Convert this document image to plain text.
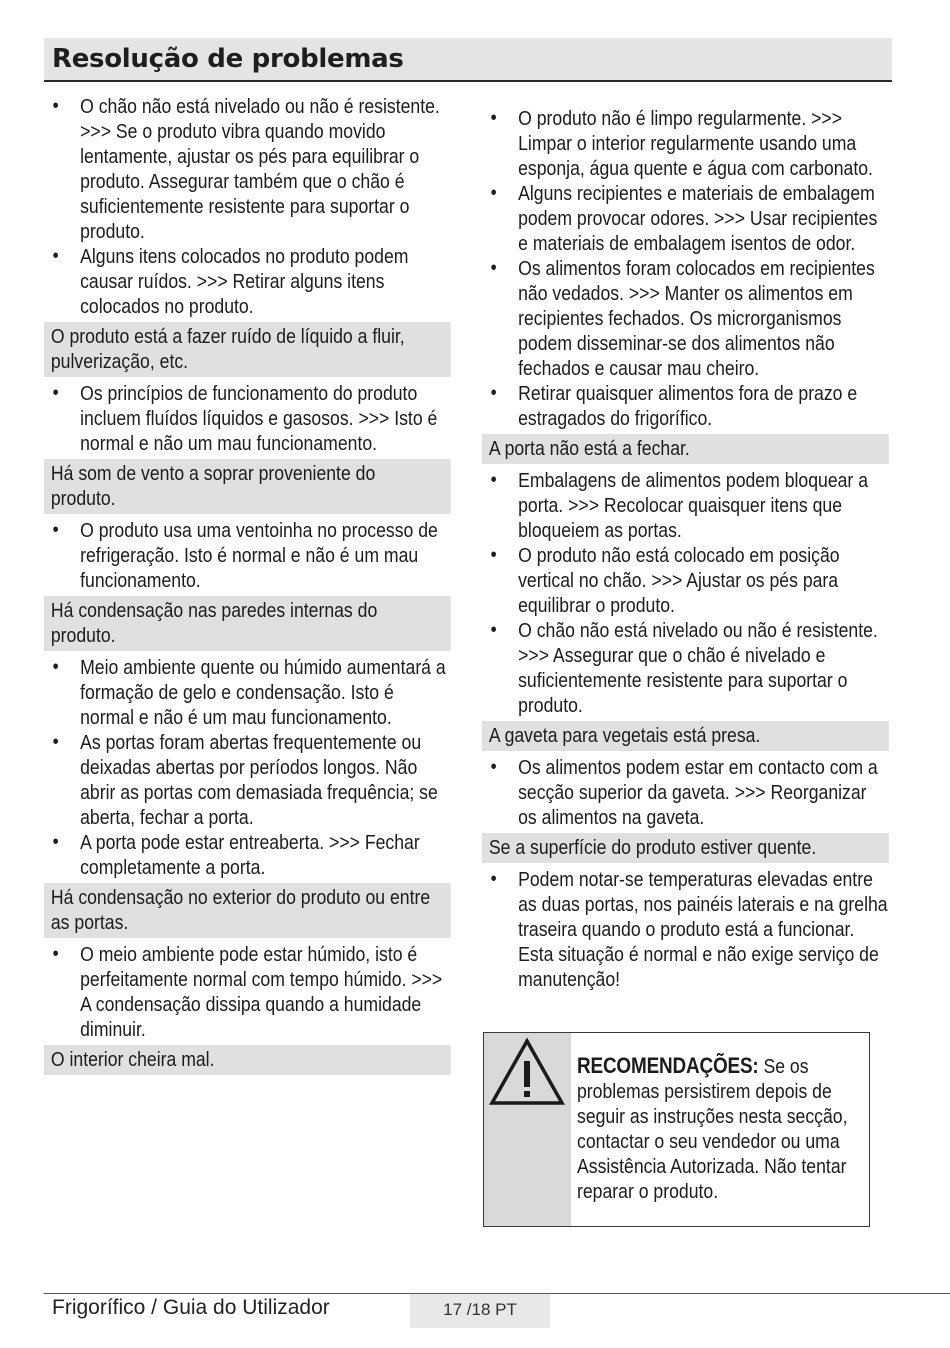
Resolução de problemas
• O chão não está nivelado ou não é resistente. >>> Se o produto vibra quando movido lentamente, ajustar os pés para equilibrar o produto. Assegurar também que o chão é suficientemente resistente para suportar o produto.
• Alguns itens colocados no produto podem causar ruídos. >>> Retirar alguns itens colocados no produto.
O produto está a fazer ruído de líquido a fluir, pulverização, etc.
• Os princípios de funcionamento do produto incluem fluídos líquidos e gasosos. >>> Isto é normal e não um mau funcionamento.
Há som de vento a soprar proveniente do produto.
• O produto usa uma ventoinha no processo de refrigeração. Isto é normal e não é um mau funcionamento.
Há condensação nas paredes internas do produto.
• Meio ambiente quente ou húmido aumentará a formação de gelo e condensação. Isto é normal e não é um mau funcionamento.
• As portas foram abertas frequentemente ou deixadas abertas por períodos longos. Não abrir as portas com demasiada frequência; se aberta, fechar a porta.
• A porta pode estar entreaberta. >>> Fechar completamente a porta.
Há condensação no exterior do produto ou entre as portas.
• O meio ambiente pode estar húmido, isto é perfeitamente normal com tempo húmido. >>> A condensação dissipa quando a humidade diminuir.
O interior cheira mal.
• O produto não é limpo regularmente. >>> Limpar o interior regularmente usando uma esponja, água quente e água com carbonato.
• Alguns recipientes e materiais de embalagem podem provocar odores. >>> Usar recipientes e materiais de embalagem isentos de odor.
• Os alimentos foram colocados em recipientes não vedados. >>> Manter os alimentos em recipientes fechados. Os microrganismos podem disseminar-se dos alimentos não fechados e causar mau cheiro.
• Retirar quaisquer alimentos fora de prazo e estragados do frigorífico.
A porta não está a fechar.
• Embalagens de alimentos podem bloquear a porta. >>> Recolocar quaisquer itens que bloqueiem as portas.
• O produto não está colocado em posição vertical no chão. >>> Ajustar os pés para equilibrar o produto.
• O chão não está nivelado ou não é resistente. >>> Assegurar que o chão é nivelado e suficientemente resistente para suportar o produto.
A gaveta para vegetais está presa.
• Os alimentos podem estar em contacto com a secção superior da gaveta. >>> Reorganizar os alimentos na gaveta.
Se a superfície do produto estiver quente.
• Podem notar-se temperaturas elevadas entre as duas portas, nos painéis laterais e na grelha traseira quando o produto está a funcionar. Esta situação é normal e não exige serviço de manutenção!
RECOMENDAÇÕES: Se os problemas persistirem depois de seguir as instruções nesta secção, contactar o seu vendedor ou uma Assistência Autorizada. Não tentar reparar o produto.
Frigorífico / Guia do Utilizador	17 /18 PT
